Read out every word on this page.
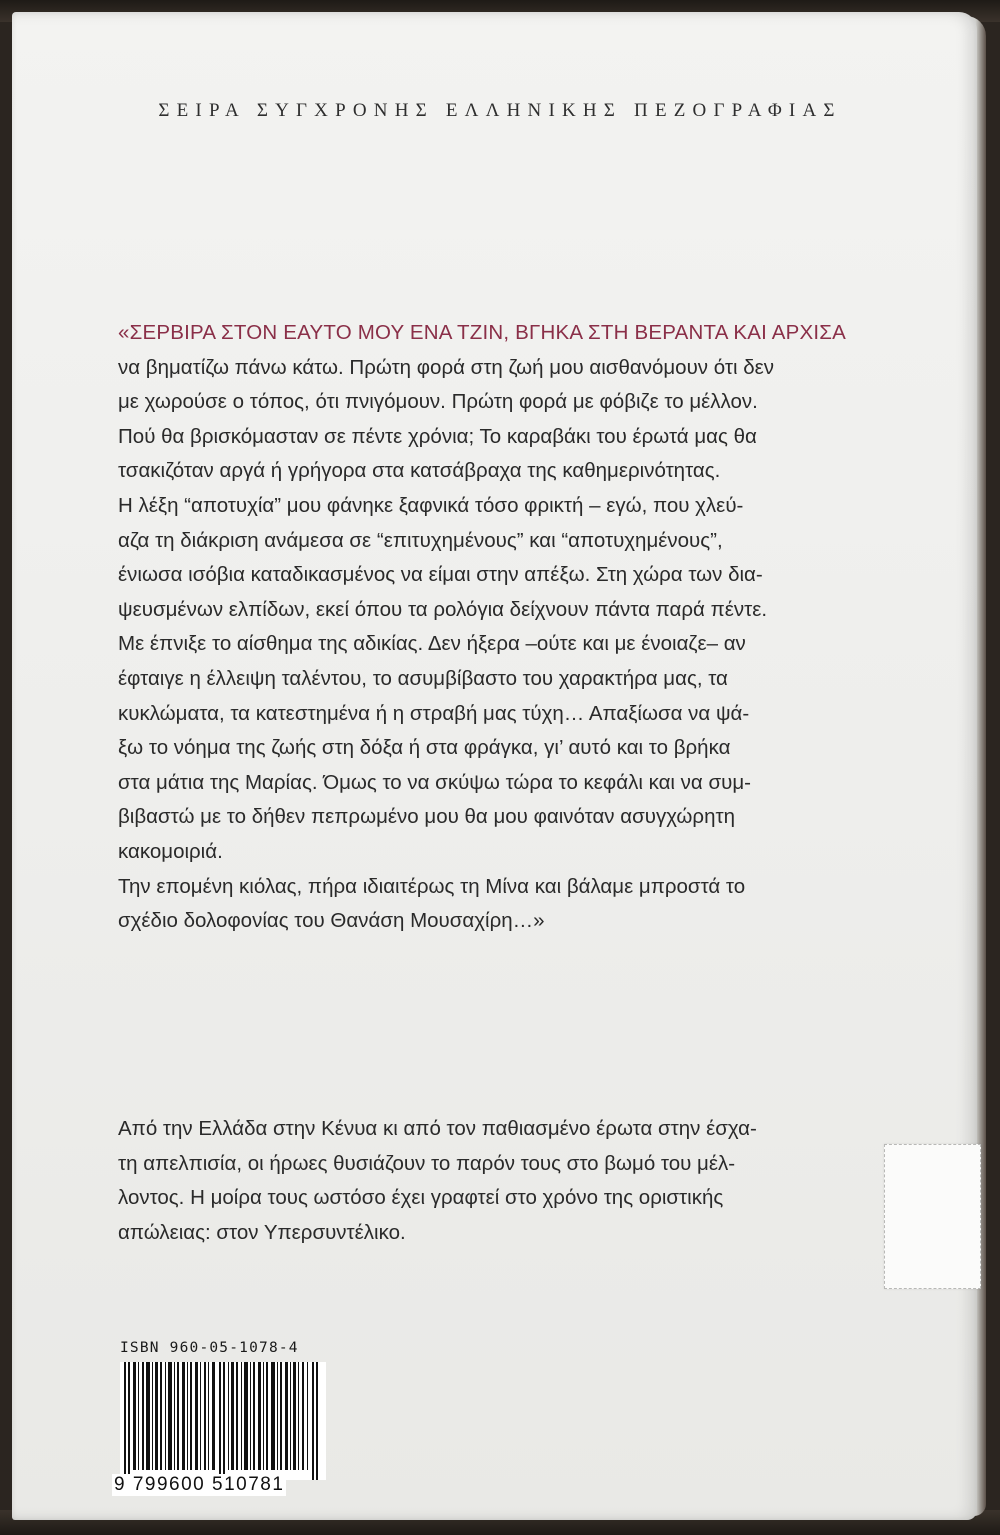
ΣΕΙΡΑ ΣΥΓΧΡΟΝΗΣ ΕΛΛΗΝΙΚΗΣ ΠΕΖΟΓΡΑΦΙΑΣ
«ΣΕΡΒΙΡΑ ΣΤΟΝ ΕΑΥΤΟ ΜΟΥ ΕΝΑ ΤΖΙΝ, ΒΓΗΚΑ ΣΤΗ ΒΕΡΑΝΤΑ ΚΑΙ ΑΡΧΙΣΑ
να βηματίζω πάνω κάτω. Πρώτη φορά στη ζωή μου αισθανόμουν ότι δεν
με χωρούσε ο τόπος, ότι πνιγόμουν. Πρώτη φορά με φόβιζε το μέλλον.
Πού θα βρισκόμασταν σε πέντε χρόνια; Το καραβάκι του έρωτά μας θα
τσακιζόταν αργά ή γρήγορα στα κατσάβραχα της καθημερινότητας.
Η λέξη “αποτυχία” μου φάνηκε ξαφνικά τόσο φρικτή – εγώ, που χλεύ-
αζα τη διάκριση ανάμεσα σε “επιτυχημένους” και “αποτυχημένους”,
ένιωσα ισόβια καταδικασμένος να είμαι στην απέξω. Στη χώρα των δια-
ψευσμένων ελπίδων, εκεί όπου τα ρολόγια δείχνουν πάντα παρά πέντε.
Με έπνιξε το αίσθημα της αδικίας. Δεν ήξερα –ούτε και με ένοιαζε– αν
έφταιγε η έλλειψη ταλέντου, το ασυμβίβαστο του χαρακτήρα μας, τα
κυκλώματα, τα κατεστημένα ή η στραβή μας τύχη… Απαξίωσα να ψά-
ξω το νόημα της ζωής στη δόξα ή στα φράγκα, γι’ αυτό και το βρήκα
στα μάτια της Μαρίας. Όμως το να σκύψω τώρα το κεφάλι και να συμ-
βιβαστώ με το δήθεν πεπρωμένο μου θα μου φαινόταν ασυγχώρητη
κακομοιριά.
Την επομένη κιόλας, πήρα ιδιαιτέρως τη Μίνα και βάλαμε μπροστά το
σχέδιο δολοφονίας του Θανάση Μουσαχίρη…»
Από την Ελλάδα στην Κένυα κι από τον παθιασμένο έρωτα στην έσχα-
τη απελπισία, οι ήρωες θυσιάζουν το παρόν τους στο βωμό του μέλ-
λοντος. Η μοίρα τους ωστόσο έχει γραφτεί στο χρόνο της οριστικής
απώλειας: στον Υπερσυντέλικο.
ISBN 960-05-1078-4
9 799600 510781
